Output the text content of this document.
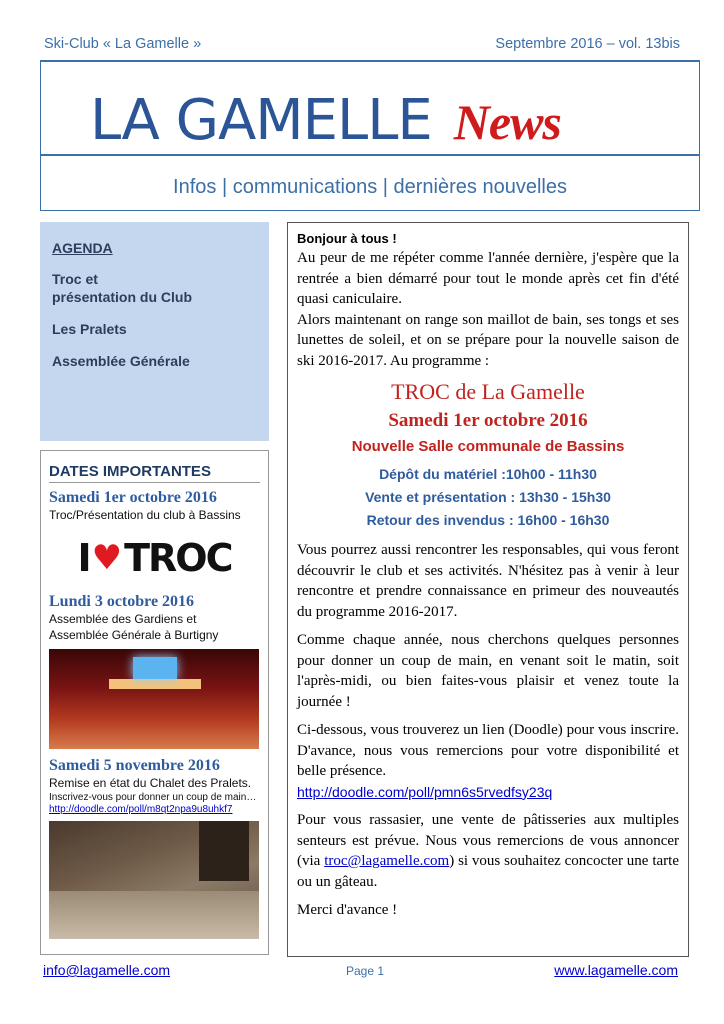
Ski-Club « La Gamelle »	Septembre 2016 – vol. 13bis
LA GAMELLE News
Infos | communications | dernières nouvelles
AGENDA
Troc et
présentation du Club
Les Pralets
Assemblée Générale
DATES IMPORTANTES
Samedi 1er octobre 2016
Troc/Présentation du club à Bassins
I ♥ TROC
Lundi 3 octobre 2016
Assemblée des Gardiens et
Assemblée Générale à Burtigny
Samedi 5 novembre 2016
Remise en état du Chalet des Pralets.
Inscrivez-vous pour donner un coup de main…
http://doodle.com/poll/m8qt2npa9u8uhkf7
Bonjour à tous !

Au peur de me répéter comme l'année dernière, j'espère que la rentrée a bien démarré pour tout le monde après cet fin d'été quasi caniculaire.

Alors maintenant on range son maillot de bain, ses tongs et ses lunettes de soleil, et on se prépare pour la nouvelle saison de ski 2016-2017. Au programme :

TROC de La Gamelle
Samedi 1er octobre 2016
Nouvelle Salle communale de Bassins
Dépôt du matériel :10h00 - 11h30
Vente et présentation : 13h30 - 15h30
Retour des invendus : 16h00 - 16h30

Vous pourrez aussi rencontrer les responsables, qui vous feront découvrir le club et ses activités. N'hésitez pas à venir à leur rencontre et prendre connaissance en primeur des nouveautés du programme 2016-2017.

Comme chaque année, nous cherchons quelques personnes pour donner un coup de main, en venant soit le matin, soit l'après-midi, ou bien faites-vous plaisir et venez toute la journée !

Ci-dessous, vous trouverez un lien (Doodle) pour vous inscrire. D'avance, nous vous remercions pour votre disponibilité et belle présence.

http://doodle.com/poll/pmn6s5rvedfsy23q

Pour vous rassasier, une vente de pâtisseries aux multiples senteurs est prévue. Nous vous remercions de vous annoncer (via troc@lagamelle.com) si vous souhaitez concocter une tarte ou un gâteau.

Merci d'avance !

info@lagamelle.com	Page 1	www.lagamelle.com
